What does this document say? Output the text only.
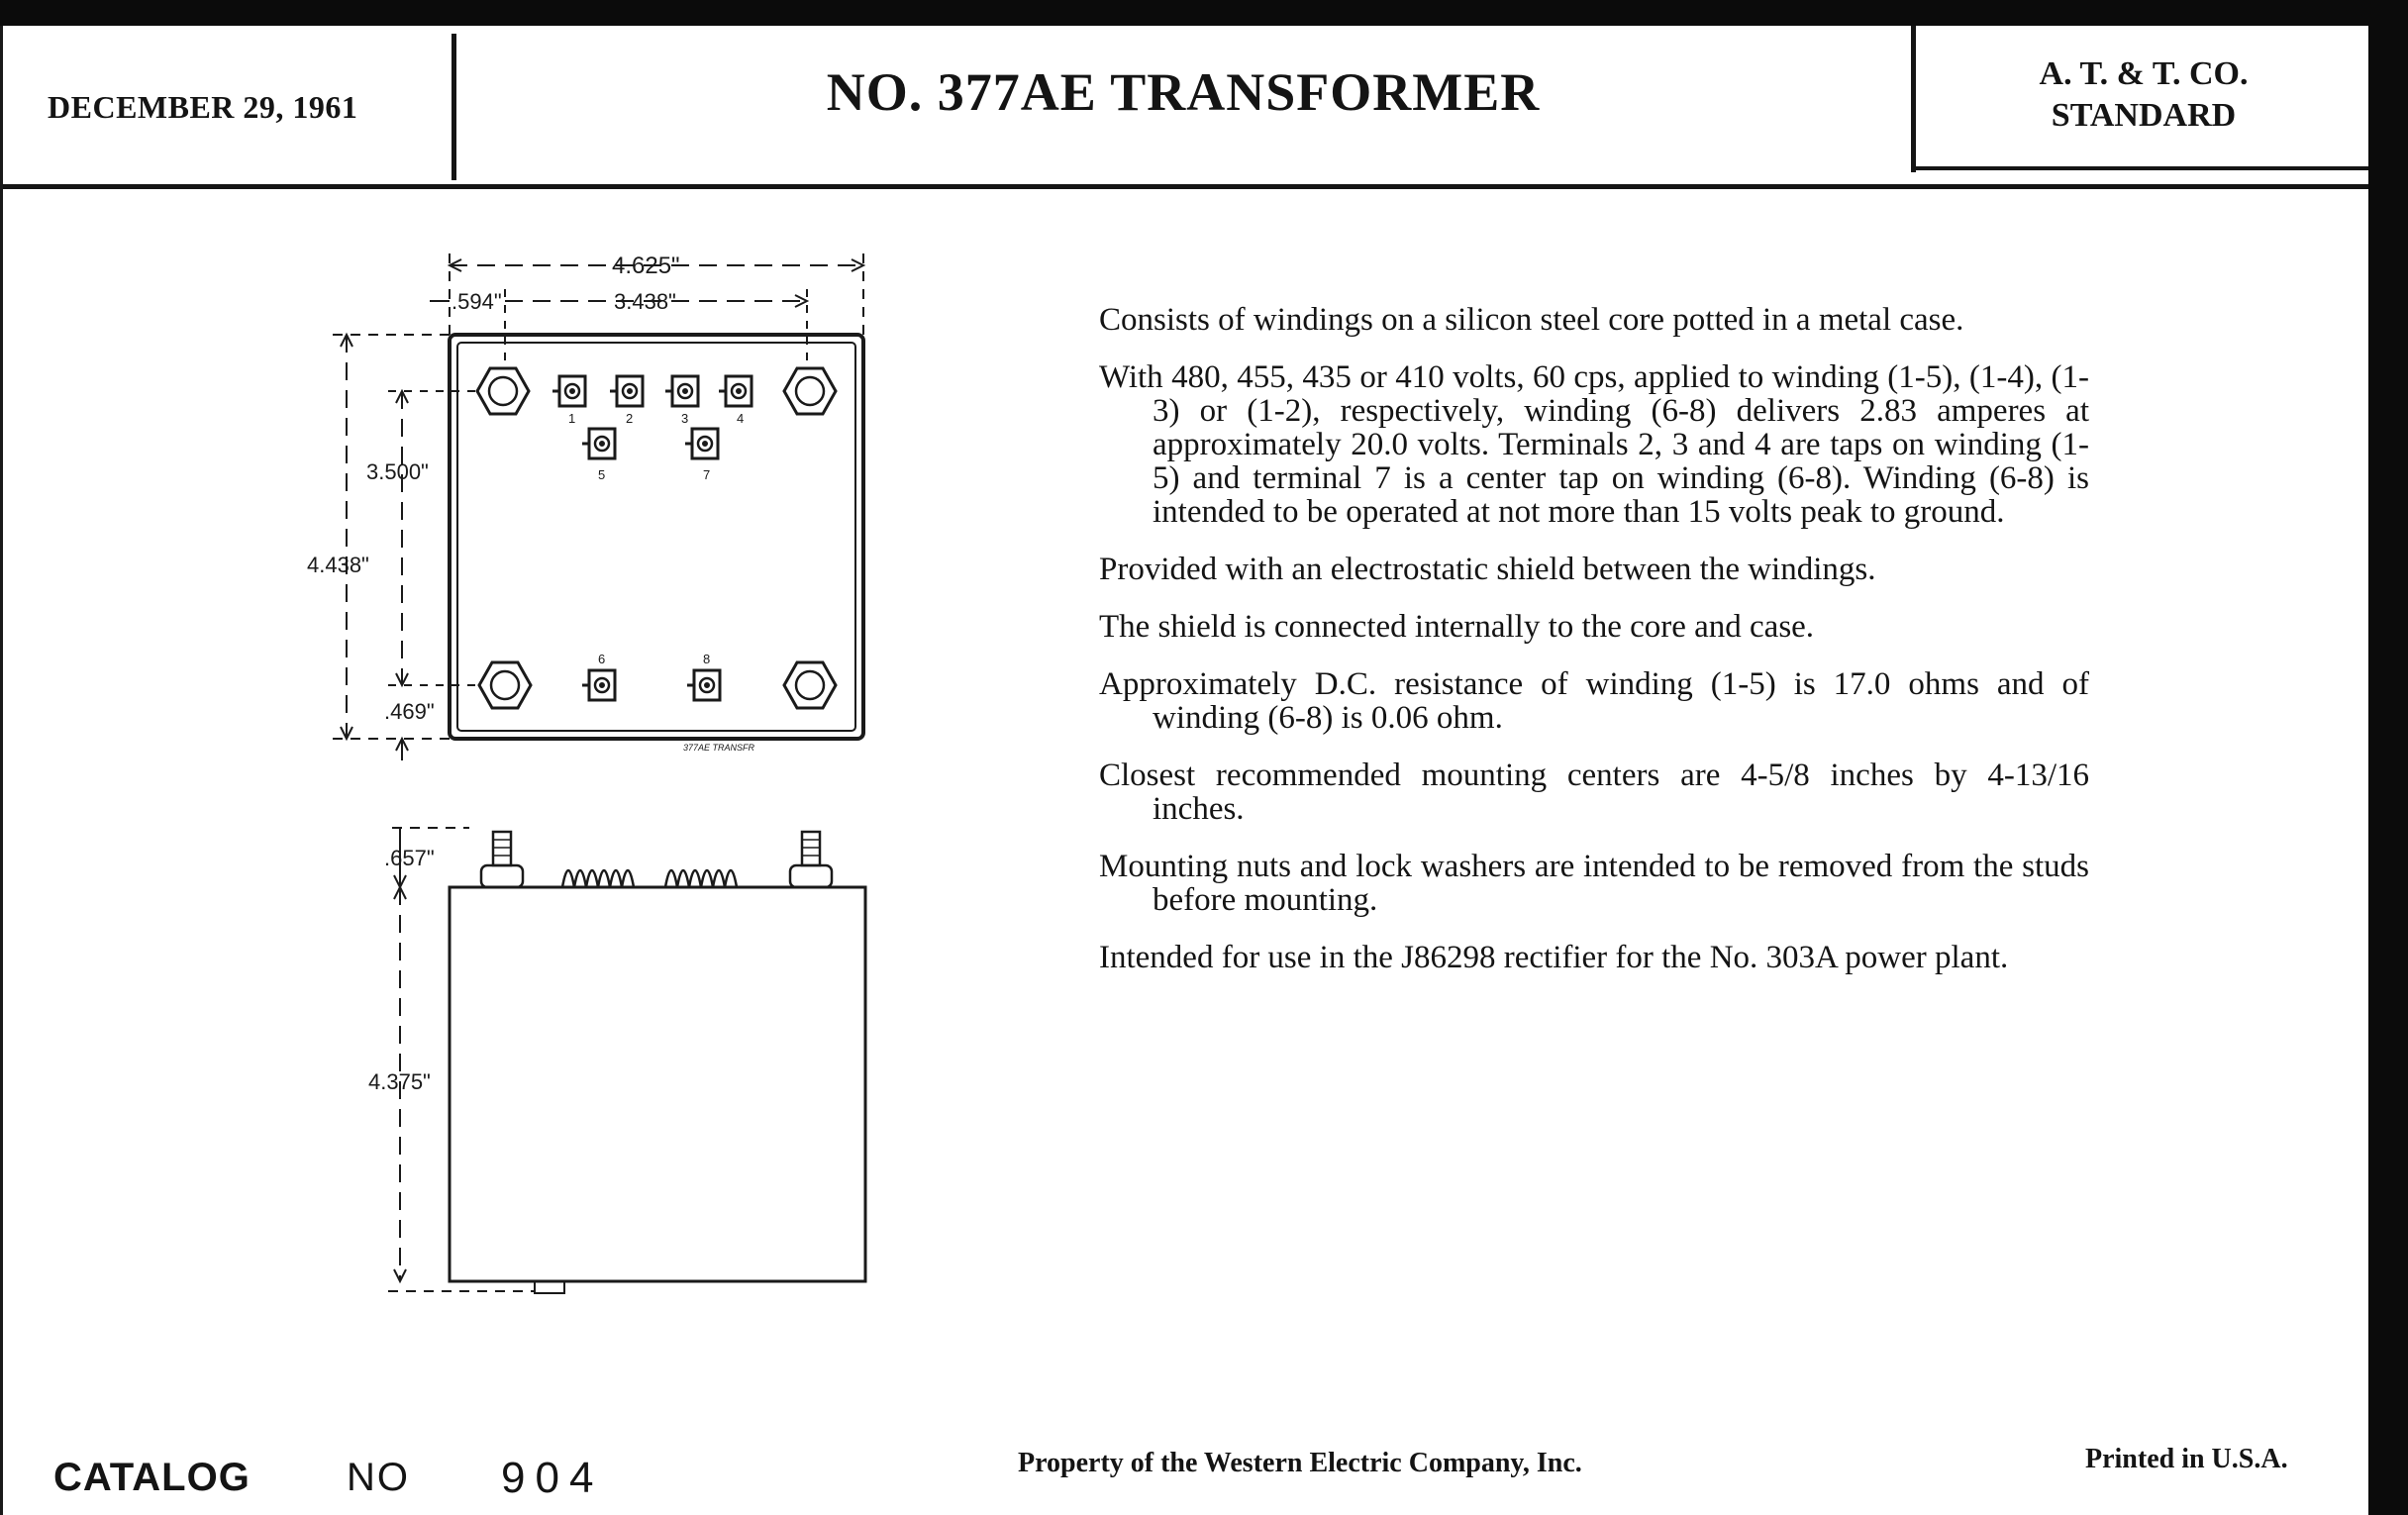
DECEMBER 29, 1961	NO. 377AE TRANSFORMER	A. T. & T. CO.
STANDARD
4.625"
.594"	3.438"
4.438"
3.500"
.469"
1	2	3	4
5	7
6	8
377AE TRANSFR
.657"
4.375"

Consists of windings on a silicon steel core potted in a metal case.

With 480, 455, 435 or 410 volts, 60 cps, applied to winding (1-5), (1-4), (1-3) or (1-2), respectively, winding (6-8) delivers 2.83 amperes at approximately 20.0 volts. Terminals 2, 3 and 4 are taps on winding (1-5) and terminal 7 is a center tap on winding (6-8). Winding (6-8) is intended to be operated at not more than 15 volts peak to ground.

Provided with an electrostatic shield between the windings.

The shield is connected internally to the core and case.

Approximately D.C. resistance of winding (1-5) is 17.0 ohms and of winding (6-8) is 0.06 ohm.

Closest recommended mounting centers are 4-5/8 inches by 4-13/16 inches.

Mounting nuts and lock washers are intended to be removed from the studs before mounting.

Intended for use in the J86298 rectifier for the No. 303A power plant.

CATALOG NO 904	Property of the Western Electric Company, Inc.	Printed in U.S.A.
